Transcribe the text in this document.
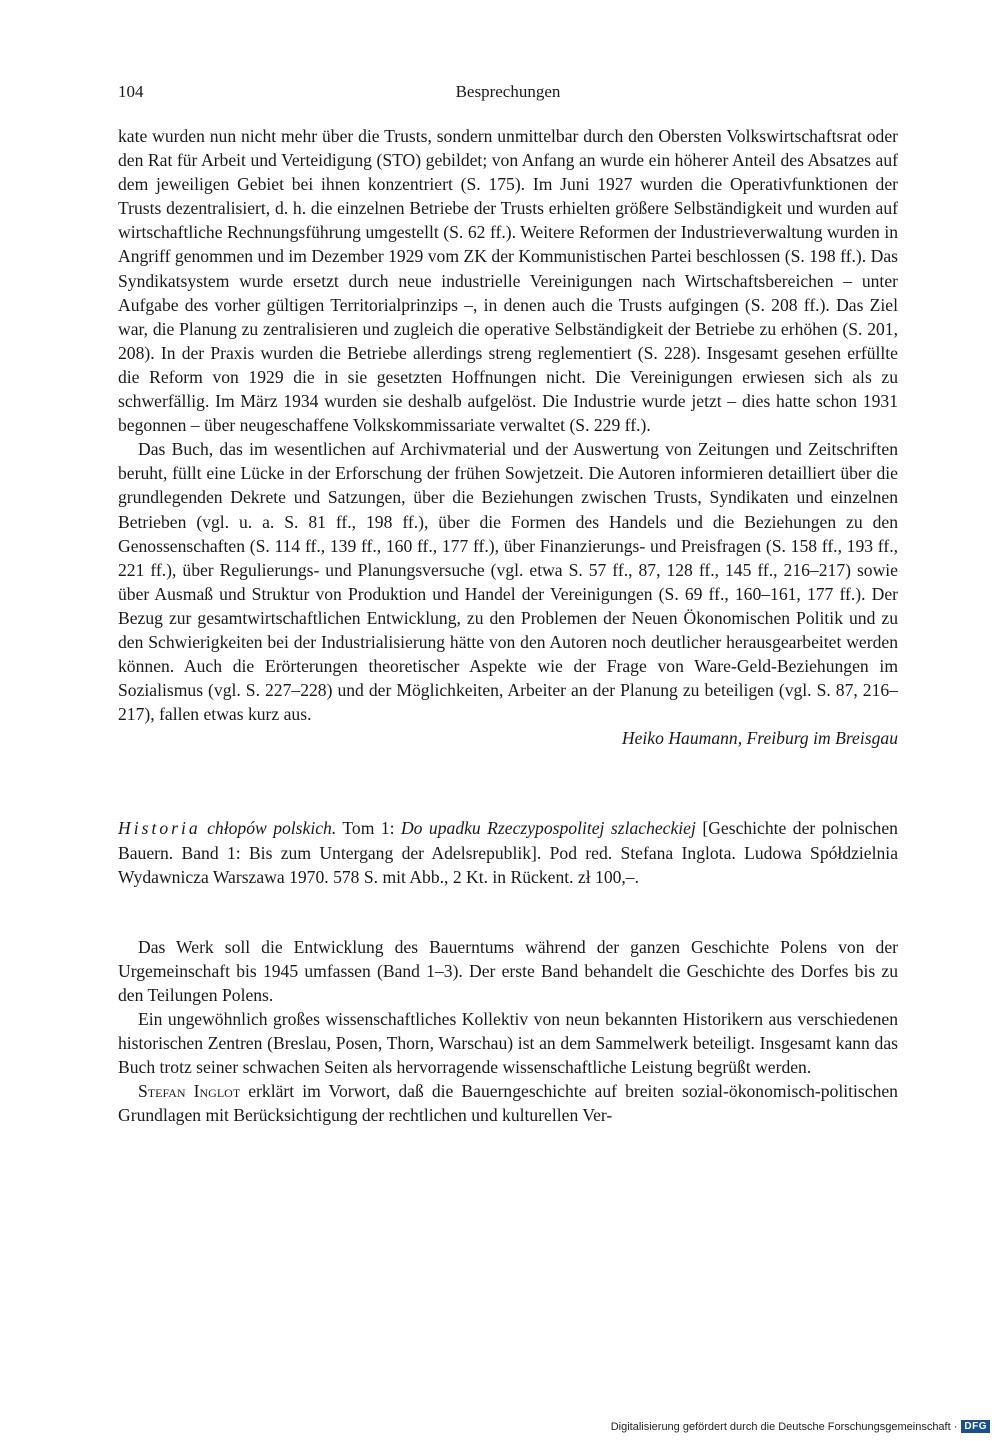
104	Besprechungen

kate wurden nun nicht mehr über die Trusts, sondern unmittelbar durch den Obersten Volkswirtschaftsrat oder den Rat für Arbeit und Verteidigung (STO) gebildet; von Anfang an wurde ein höherer Anteil des Absatzes auf dem jeweiligen Gebiet bei ihnen konzentriert (S. 175). Im Juni 1927 wurden die Operativfunktionen der Trusts dezentralisiert, d. h. die einzelnen Betriebe der Trusts erhielten größere Selbständigkeit und wurden auf wirtschaftliche Rechnungsführung umgestellt (S. 62 ff.). Weitere Reformen der Industrieverwaltung wurden in Angriff genommen und im Dezember 1929 vom ZK der Kommunistischen Partei beschlossen (S. 198 ff.). Das Syndikatsystem wurde ersetzt durch neue industrielle Vereinigungen nach Wirtschaftsbereichen – unter Aufgabe des vorher gültigen Territorialprinzips –, in denen auch die Trusts aufgingen (S. 208 ff.). Das Ziel war, die Planung zu zentralisieren und zugleich die operative Selbständigkeit der Betriebe zu erhöhen (S. 201, 208). In der Praxis wurden die Betriebe allerdings streng reglementiert (S. 228). Insgesamt gesehen erfüllte die Reform von 1929 die in sie gesetzten Hoffnungen nicht. Die Vereinigungen erwiesen sich als zu schwerfällig. Im März 1934 wurden sie deshalb aufgelöst. Die Industrie wurde jetzt – dies hatte schon 1931 begonnen – über neugeschaffene Volkskommissariate verwaltet (S. 229 ff.).

Das Buch, das im wesentlichen auf Archivmaterial und der Auswertung von Zeitungen und Zeitschriften beruht, füllt eine Lücke in der Erforschung der frühen Sowjetzeit. Die Autoren informieren detailliert über die grundlegenden Dekrete und Satzungen, über die Beziehungen zwischen Trusts, Syndikaten und einzelnen Betrieben (vgl. u. a. S. 81 ff., 198 ff.), über die Formen des Handels und die Beziehungen zu den Genossenschaften (S. 114 ff., 139 ff., 160 ff., 177 ff.), über Finanzierungs- und Preisfragen (S. 158 ff., 193 ff., 221 ff.), über Regulierungs- und Planungsversuche (vgl. etwa S. 57 ff., 87, 128 ff., 145 ff., 216–217) sowie über Ausmaß und Struktur von Produktion und Handel der Vereinigungen (S. 69 ff., 160–161, 177 ff.). Der Bezug zur gesamtwirtschaftlichen Entwicklung, zu den Problemen der Neuen Ökonomischen Politik und zu den Schwierigkeiten bei der Industrialisierung hätte von den Autoren noch deutlicher herausgearbeitet werden können. Auch die Erörterungen theoretischer Aspekte wie der Frage von Ware-Geld-Beziehungen im Sozialismus (vgl. S. 227–228) und der Möglichkeiten, Arbeiter an der Planung zu beteiligen (vgl. S. 87, 216–217), fallen etwas kurz aus.

Heiko Haumann, Freiburg im Breisgau

Historia chłopów polskich. Tom 1: Do upadku Rzeczypospolitej szlacheckiej [Geschichte der polnischen Bauern. Band 1: Bis zum Untergang der Adelsrepublik]. Pod red. Stefana Inglota. Ludowa Spółdzielnia Wydawnicza Warszawa 1970. 578 S. mit Abb., 2 Kt. in Rückent. zł 100,–.

Das Werk soll die Entwicklung des Bauerntums während der ganzen Geschichte Polens von der Urgemeinschaft bis 1945 umfassen (Band 1–3). Der erste Band behandelt die Geschichte des Dorfes bis zu den Teilungen Polens.

Ein ungewöhnlich großes wissenschaftliches Kollektiv von neun bekannten Historikern aus verschiedenen historischen Zentren (Breslau, Posen, Thorn, Warschau) ist an dem Sammelwerk beteiligt. Insgesamt kann das Buch trotz seiner schwachen Seiten als hervorragende wissenschaftliche Leistung begrüßt werden.

Stefan Inglot erklärt im Vorwort, daß die Bauerngeschichte auf breiten sozial-ökonomisch-politischen Grundlagen mit Berücksichtigung der rechtlichen und kulturellen Ver-

Digitalisierung gefördert durch die Deutsche Forschungsgemeinschaft · DFG
